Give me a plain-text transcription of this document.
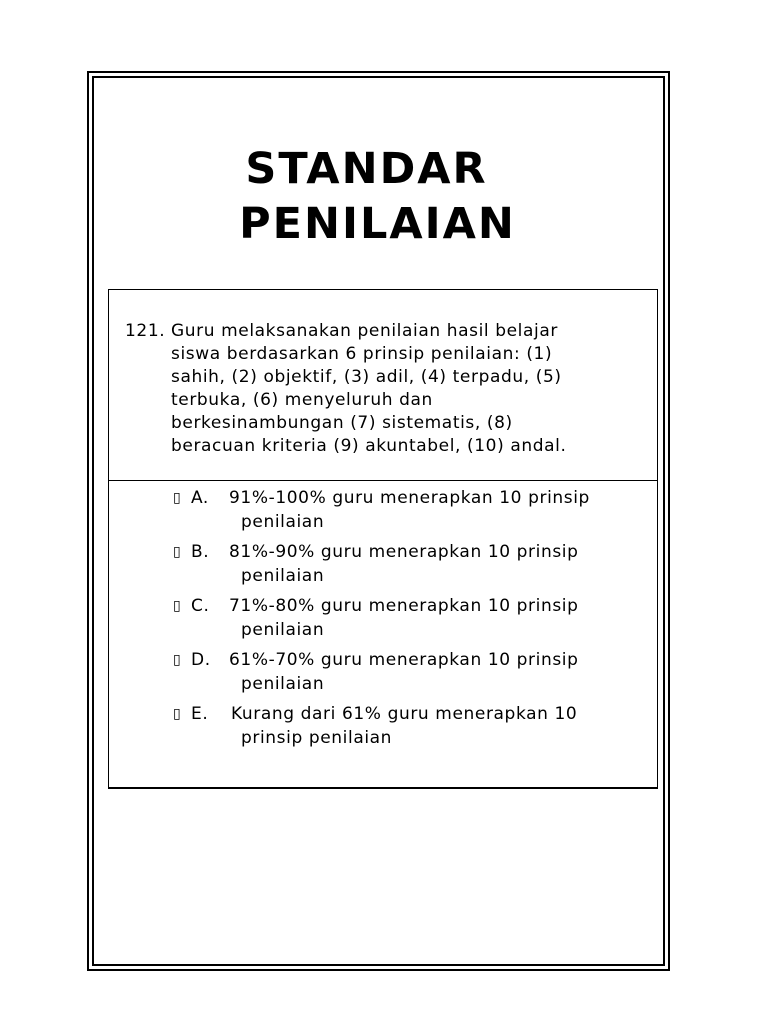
STANDAR
PENILAIAN
121. Guru melaksanakan penilaian hasil belajar
siswa berdasarkan 6 prinsip penilaian: (1)
sahih, (2) objektif, (3) adil, (4) terpadu, (5)
terbuka, (6) menyeluruh dan
berkesinambungan (7) sistematis, (8)
beracuan kriteria (9) akuntabel, (10) andal.

▯ A. 91%-100% guru menerapkan 10 prinsip
penilaian
▯ B. 81%-90% guru menerapkan 10 prinsip
penilaian
▯ C. 71%-80% guru menerapkan 10 prinsip
penilaian
▯ D. 61%-70% guru menerapkan 10 prinsip
penilaian
▯ E. Kurang dari 61% guru menerapkan 10
prinsip penilaian
